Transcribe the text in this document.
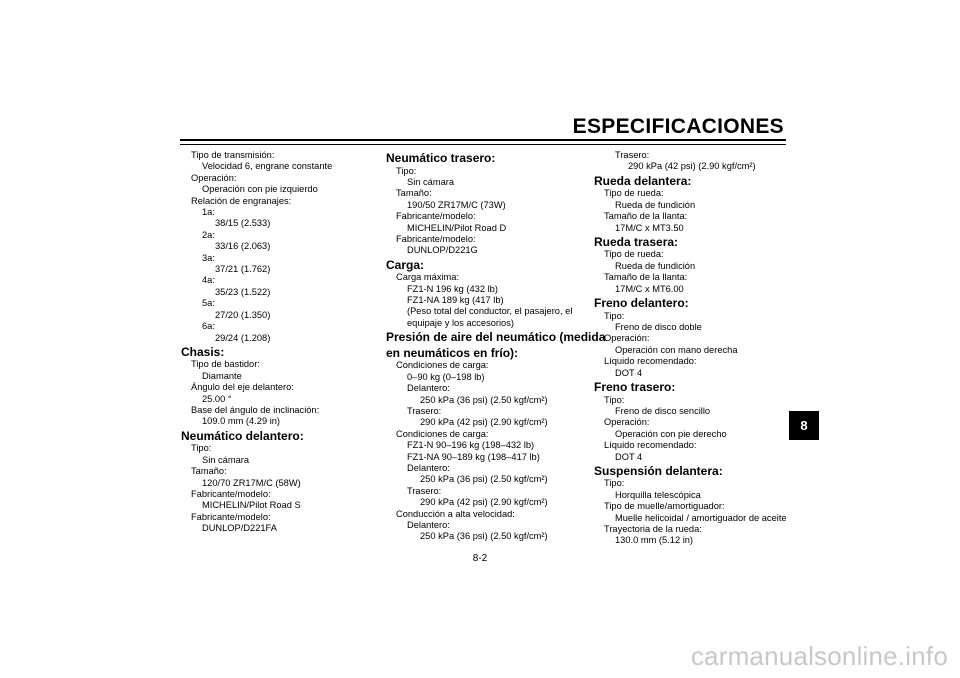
ESPECIFICACIONES
Tipo de transmisión:
Velocidad 6, engrane constante
Operación:
Operación con pie izquierdo
Relación de engranajes:
1a:
38/15 (2.533)
2a:
33/16 (2.063)
3a:
37/21 (1.762)
4a:
35/23 (1.522)
5a:
27/20 (1.350)
6a:
29/24 (1.208)
Chasis:
Tipo de bastidor:
Diamante
Ángulo del eje delantero:
25.00 °
Base del ángulo de inclinación:
109.0 mm (4.29 in)
Neumático delantero:
Tipo:
Sin cámara
Tamaño:
120/70 ZR17M/C (58W)
Fabricante/modelo:
MICHELIN/Pilot Road S
Fabricante/modelo:
DUNLOP/D221FA
Neumático trasero:
Tipo:
Sin cámara
Tamaño:
190/50 ZR17M/C (73W)
Fabricante/modelo:
MICHELIN/Pilot Road D
Fabricante/modelo:
DUNLOP/D221G
Carga:
Carga máxima:
FZ1-N 196 kg (432 lb)
FZ1-NA 189 kg (417 lb)
(Peso total del conductor, el pasajero, el
equipaje y los accesorios)
Presión de aire del neumático (medida
en neumáticos en frío):
Condiciones de carga:
0–90 kg (0–198 lb)
Delantero:
250 kPa (36 psi) (2.50 kgf/cm²)
Trasero:
290 kPa (42 psi) (2.90 kgf/cm²)
Condiciones de carga:
FZ1-N 90–196 kg (198–432 lb)
FZ1-NA 90–189 kg (198–417 lb)
Delantero:
250 kPa (36 psi) (2.50 kgf/cm²)
Trasero:
290 kPa (42 psi) (2.90 kgf/cm²)
Conducción a alta velocidad:
Delantero:
250 kPa (36 psi) (2.50 kgf/cm²)
Trasero:
290 kPa (42 psi) (2.90 kgf/cm²)
Rueda delantera:
Tipo de rueda:
Rueda de fundición
Tamaño de la llanta:
17M/C x MT3.50
Rueda trasera:
Tipo de rueda:
Rueda de fundición
Tamaño de la llanta:
17M/C x MT6.00
Freno delantero:
Tipo:
Freno de disco doble
Operación:
Operación con mano derecha
Líquido recomendado:
DOT 4
Freno trasero:
Tipo:
Freno de disco sencillo
Operación:
Operación con pie derecho
Líquido recomendado:
DOT 4
Suspensión delantera:
Tipo:
Horquilla telescópica
Tipo de muelle/amortiguador:
Muelle helicoidal / amortiguador de aceite
Trayectoria de la rueda:
130.0 mm (5.12 in)
8
8-2
carmanualsonline.info
